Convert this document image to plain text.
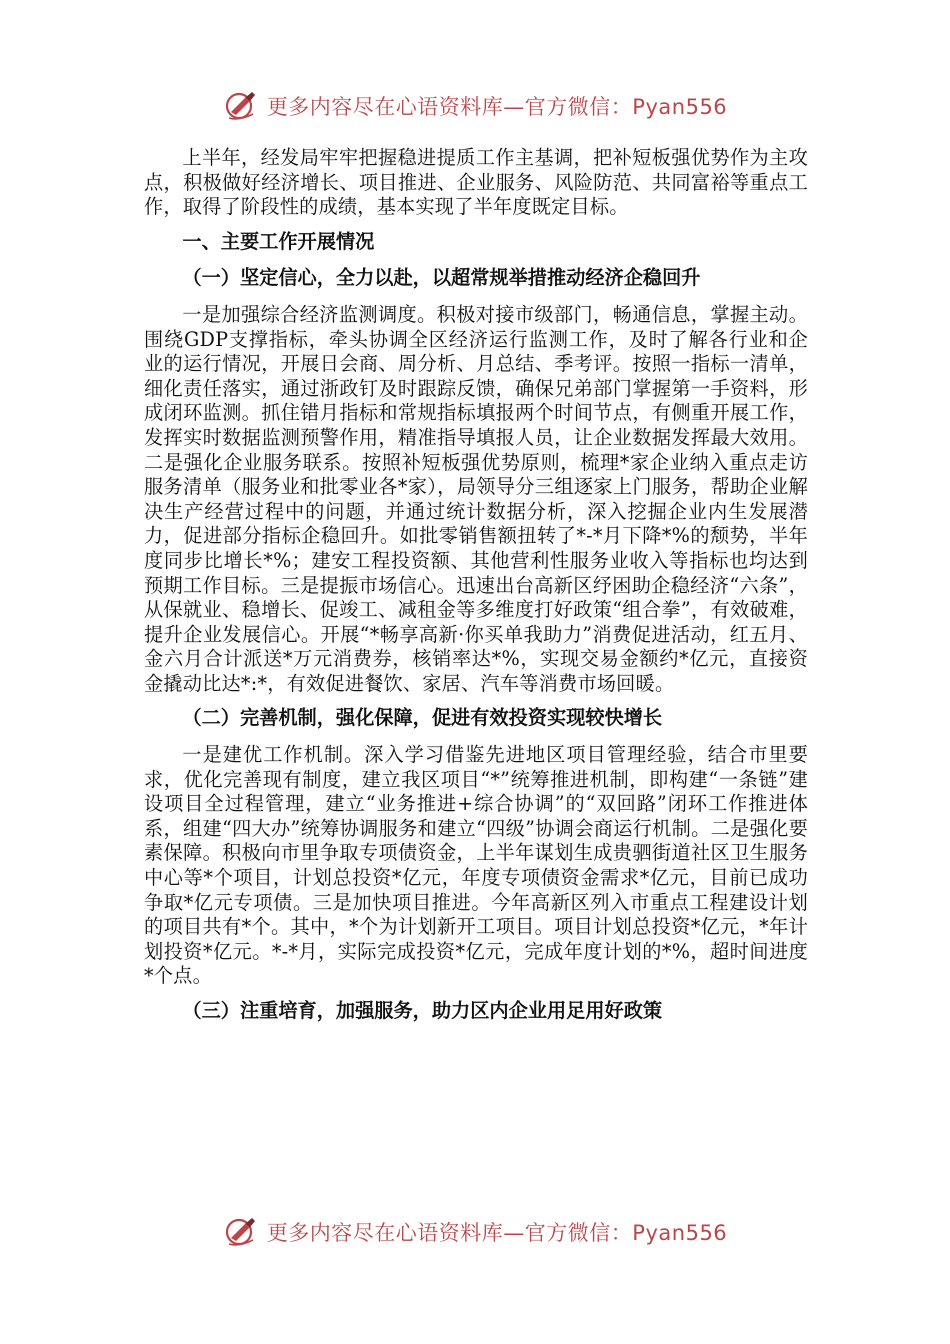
更多内容尽在心语资料库—官方微信：Pyan556

上半年，经发局牢牢把握稳进提质工作主基调，把补短板强优势作为主攻点，积极做好经济增长、项目推进、企业服务、风险防范、共同富裕等重点工作，取得了阶段性的成绩，基本实现了半年度既定目标。

一、主要工作开展情况
（一）坚定信心，全力以赴，以超常规举措推动经济企稳回升

一是加强综合经济监测调度。积极对接市级部门，畅通信息，掌握主动。围绕GDP支撑指标，牵头协调全区经济运行监测工作，及时了解各行业和企业的运行情况，开展日会商、周分析、月总结、季考评。按照一指标一清单，细化责任落实，通过浙政钉及时跟踪反馈，确保兄弟部门掌握第一手资料，形成闭环监测。抓住错月指标和常规指标填报两个时间节点，有侧重开展工作，发挥实时数据监测预警作用，精准指导填报人员，让企业数据发挥最大效用。二是强化企业服务联系。按照补短板强优势原则，梳理*家企业纳入重点走访服务清单（服务业和批零业各*家），局领导分三组逐家上门服务，帮助企业解决生产经营过程中的问题，并通过统计数据分析，深入挖掘企业内生发展潜力，促进部分指标企稳回升。如批零销售额扭转了*-*月下降*%的颓势，半年度同步比增长*%；建安工程投资额、其他营利性服务业收入等指标也均达到预期工作目标。三是提振市场信心。迅速出台高新区纾困助企稳经济“六条”，从保就业、稳增长、促竣工、减租金等多维度打好政策“组合拳”，有效破难，提升企业发展信心。开展“*畅享高新·你买单我助力”消费促进活动，红五月、金六月合计派送*万元消费券，核销率达*%，实现交易金额约*亿元，直接资金撬动比达*:*，有效促进餐饮、家居、汽车等消费市场回暖。

（二）完善机制，强化保障，促进有效投资实现较快增长

一是建优工作机制。深入学习借鉴先进地区项目管理经验，结合市里要求，优化完善现有制度，建立我区项目“*”统筹推进机制，即构建“一条链”建设项目全过程管理，建立“业务推进+综合协调”的“双回路”闭环工作推进体系，组建“四大办”统筹协调服务和建立“四级”协调会商运行机制。二是强化要素保障。积极向市里争取专项债资金，上半年谋划生成贵驷街道社区卫生服务中心等*个项目，计划总投资*亿元，年度专项债资金需求*亿元，目前已成功争取*亿元专项债。三是加快项目推进。今年高新区列入市重点工程建设计划的项目共有*个。其中，*个为计划新开工项目。项目计划总投资*亿元，*年计划投资*亿元。*-*月，实际完成投资*亿元，完成年度计划的*%，超时间进度*个点。

（三）注重培育，加强服务，助力区内企业用足用好政策
更多内容尽在心语资料库—官方微信：Pyan556
